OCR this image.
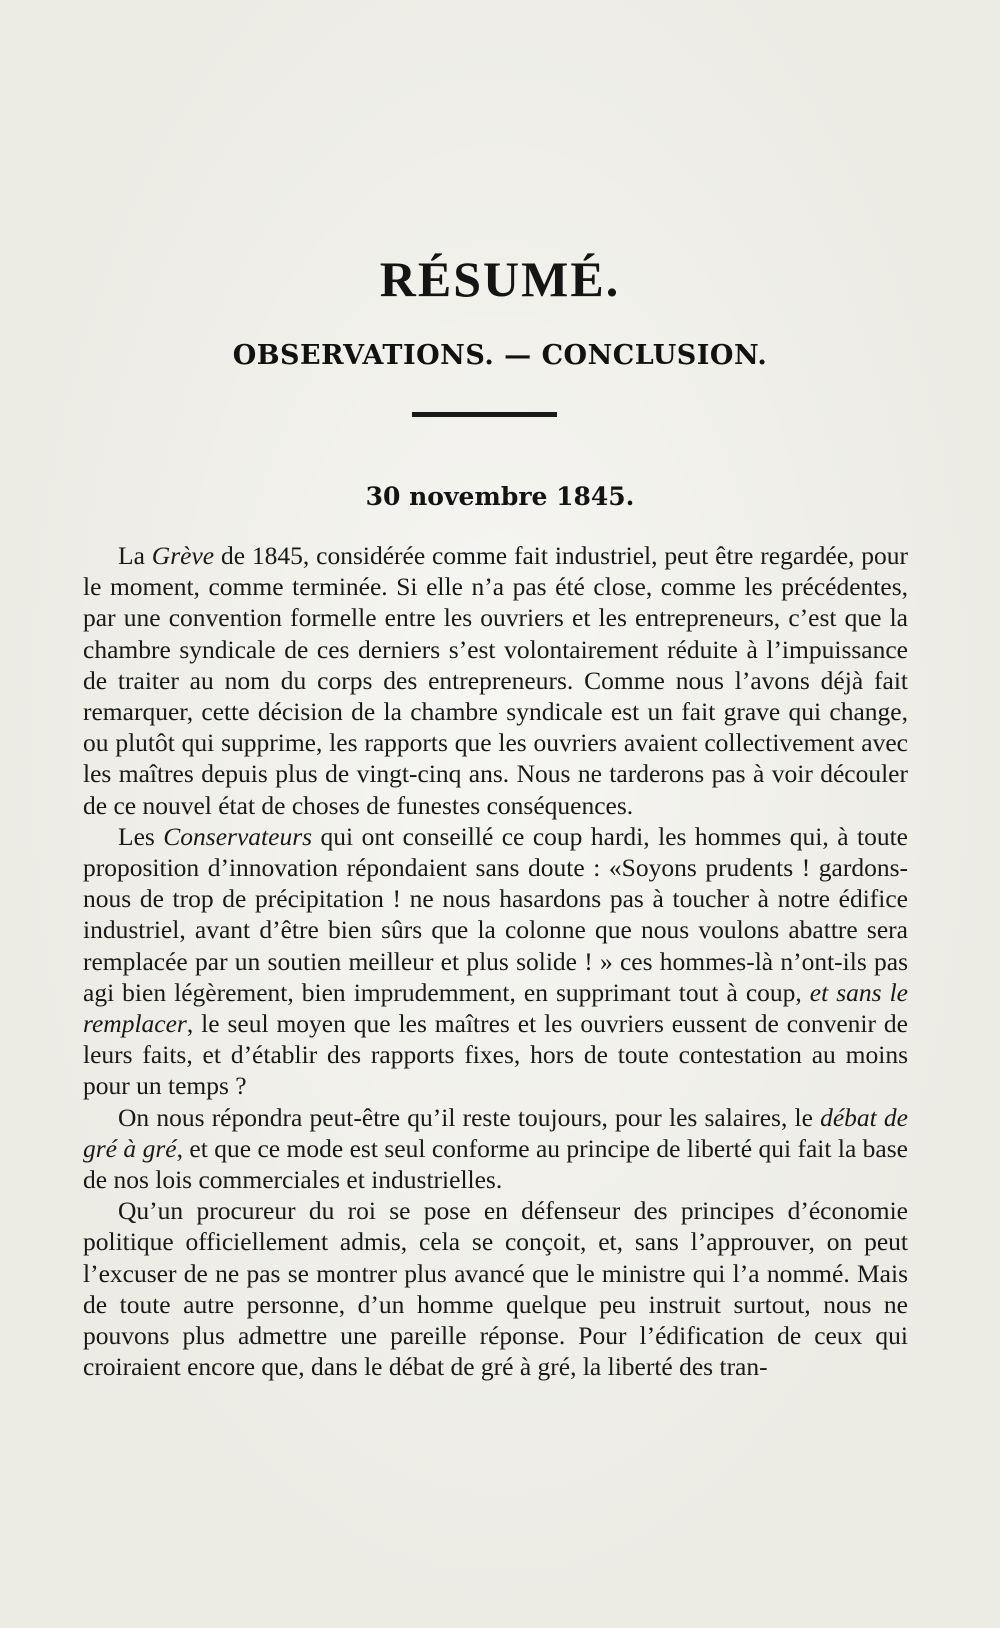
RÉSUMÉ.
OBSERVATIONS. — CONCLUSION.
30 novembre 1845.

La Grève de 1845, considérée comme fait industriel, peut être regardée, pour le moment, comme terminée. Si elle n’a pas été close, comme les précédentes, par une convention formelle entre les ouvriers et les entrepreneurs, c’est que la chambre syndicale de ces derniers s’est volontairement réduite à l’impuissance de traiter au nom du corps des entrepreneurs. Comme nous l’avons déjà fait remarquer, cette décision de la chambre syndicale est un fait grave qui change, ou plutôt qui supprime, les rapports que les ouvriers avaient collectivement avec les maîtres depuis plus de vingt-cinq ans. Nous ne tarderons pas à voir découler de ce nouvel état de choses de funestes conséquences.

Les Conservateurs qui ont conseillé ce coup hardi, les hommes qui, à toute proposition d’innovation répondaient sans doute : «Soyons prudents ! gardons-nous de trop de précipitation ! ne nous hasardons pas à toucher à notre édifice industriel, avant d’être bien sûrs que la colonne que nous voulons abattre sera remplacée par un soutien meilleur et plus solide ! » ces hommes-là n’ont-ils pas agi bien légèrement, bien imprudemment, en supprimant tout à coup, et sans le remplacer, le seul moyen que les maîtres et les ouvriers eussent de convenir de leurs faits, et d’établir des rapports fixes, hors de toute contestation au moins pour un temps ?

On nous répondra peut-être qu’il reste toujours, pour les salaires, le débat de gré à gré, et que ce mode est seul conforme au principe de liberté qui fait la base de nos lois commerciales et industrielles.

Qu’un procureur du roi se pose en défenseur des principes d’économie politique officiellement admis, cela se conçoit, et, sans l’approuver, on peut l’excuser de ne pas se montrer plus avancé que le ministre qui l’a nommé. Mais de toute autre personne, d’un homme quelque peu instruit surtout, nous ne pouvons plus admettre une pareille réponse. Pour l’édification de ceux qui croiraient encore que, dans le débat de gré à gré, la liberté des tran-
